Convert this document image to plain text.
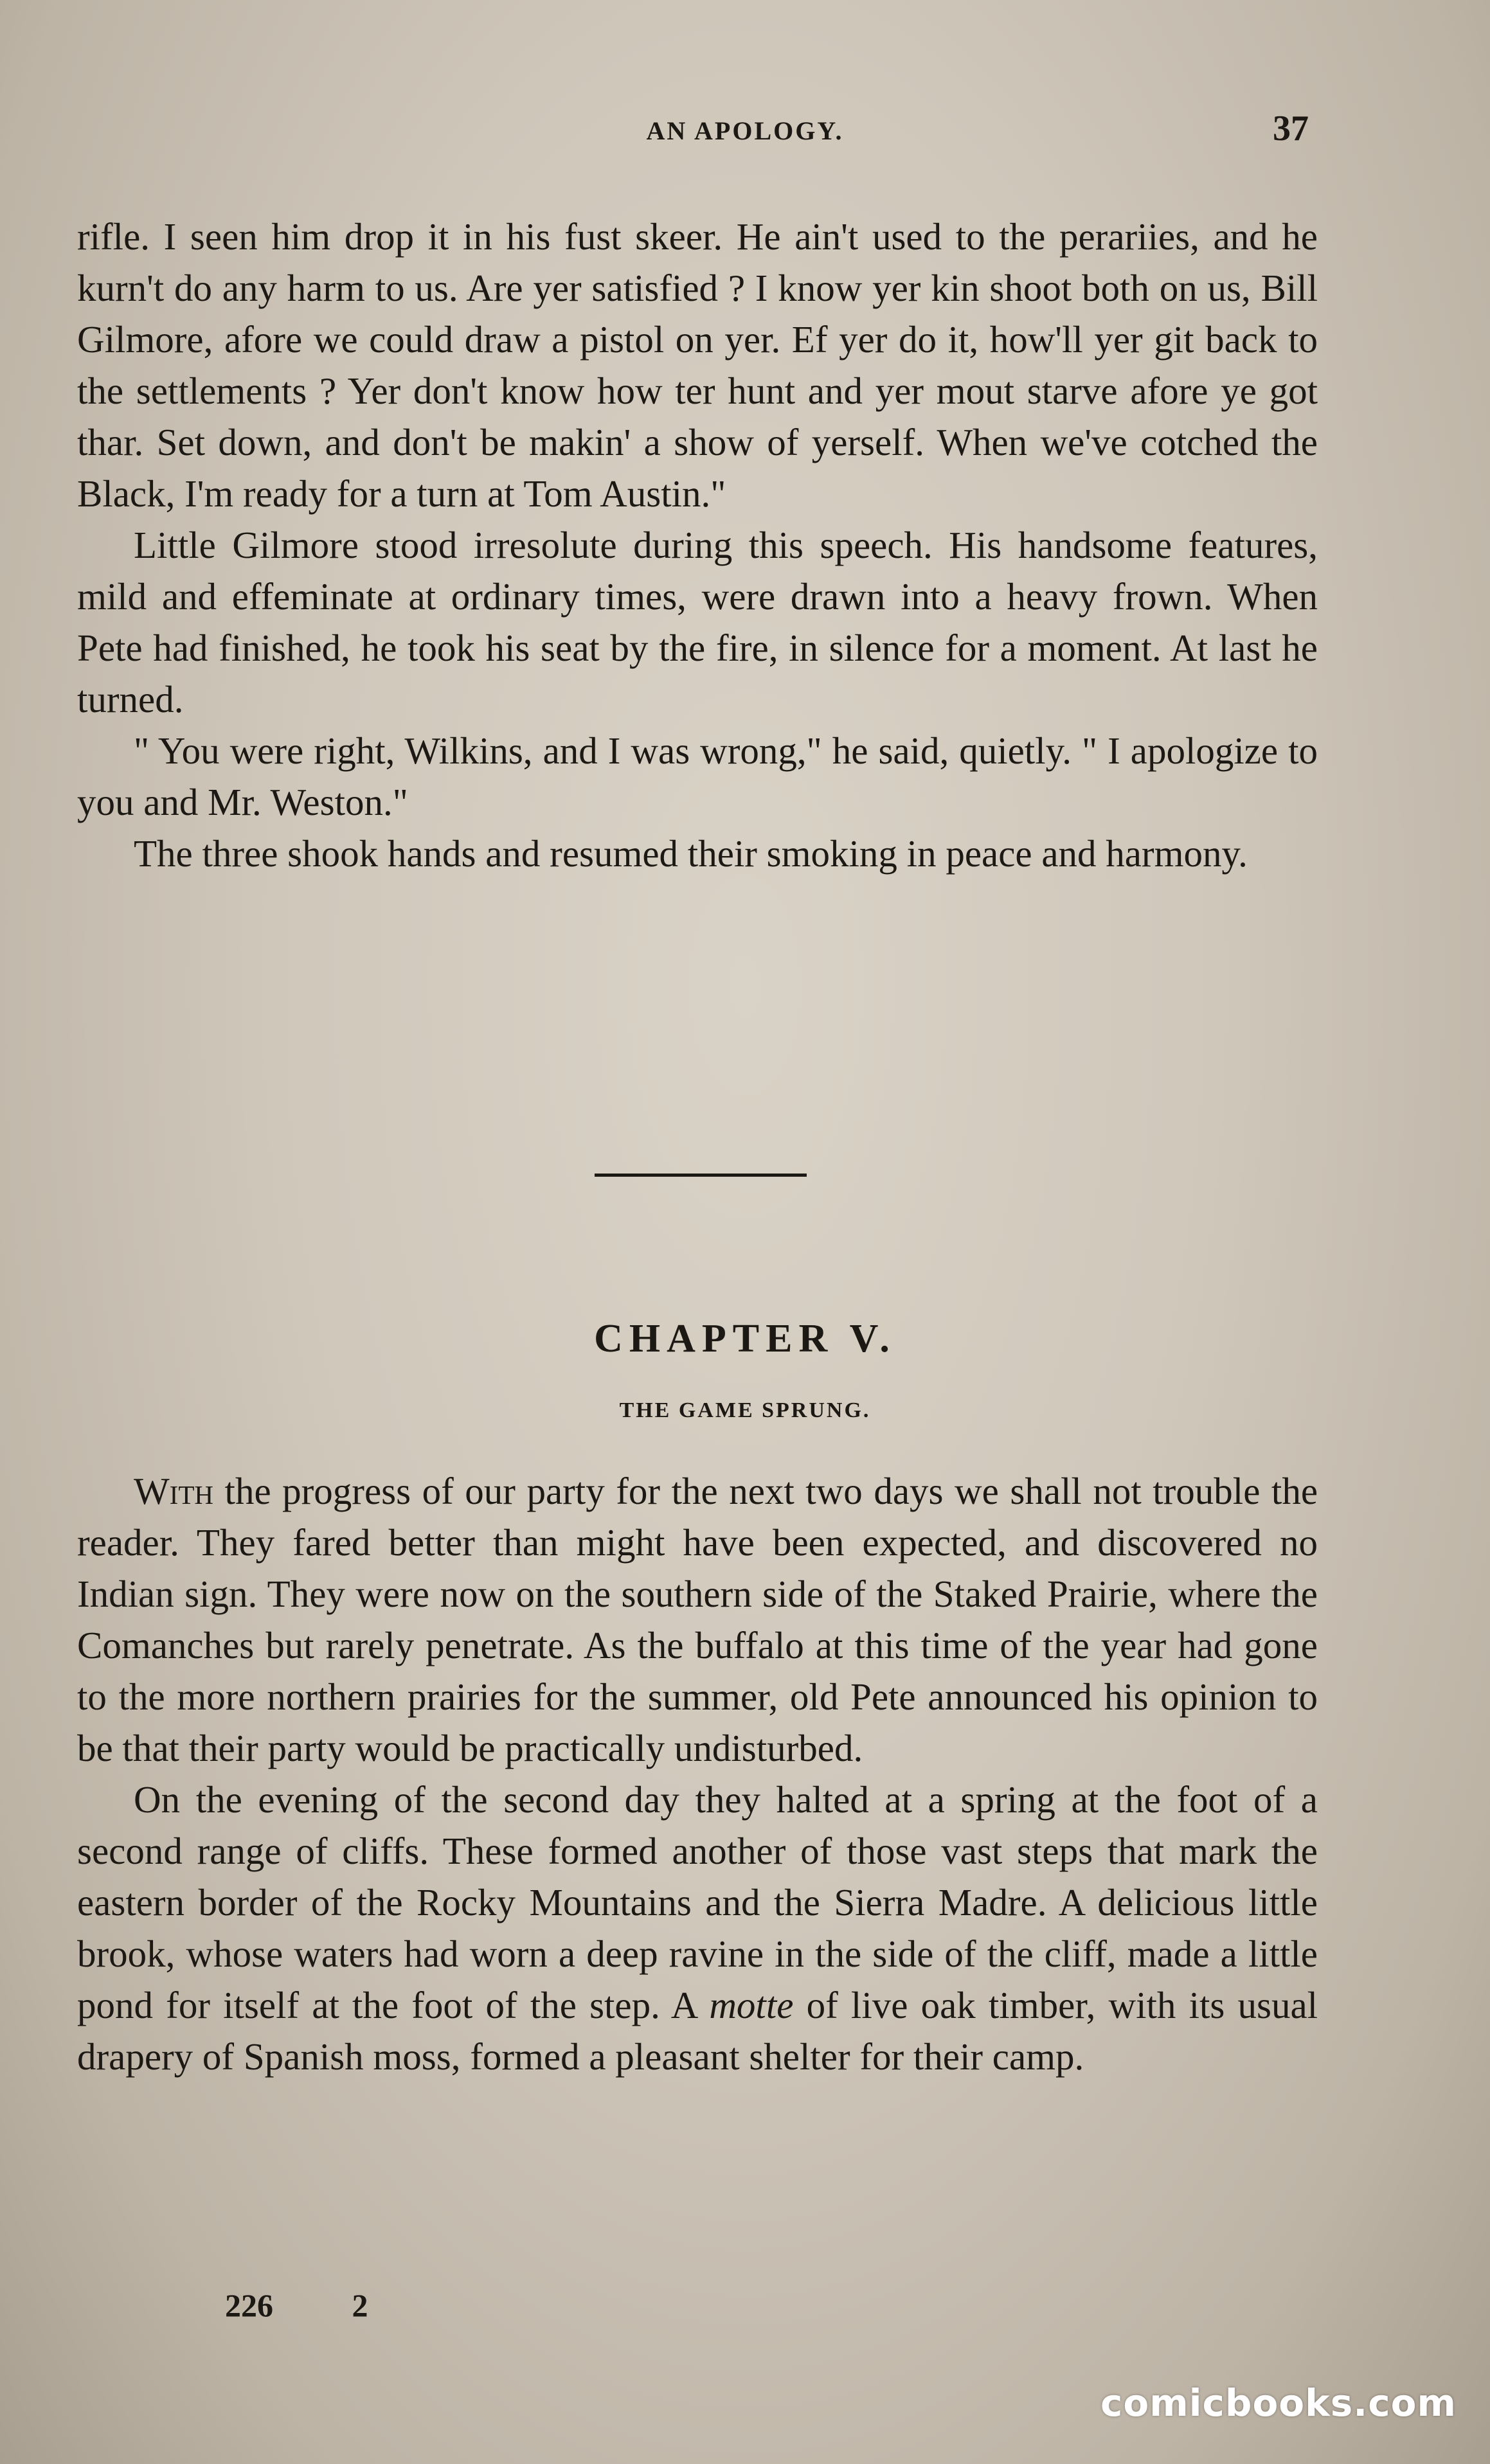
AN APOLOGY.	37

rifle. I seen him drop it in his fust skeer. He ain't used to the perariies, and he kurn't do any harm to us. Are yer satisfied ? I know yer kin shoot both on us, Bill Gilmore, afore we could draw a pistol on yer. Ef yer do it, how'll yer git back to the settlements ? Yer don't know how ter hunt and yer mout starve afore ye got thar. Set down, and don't be makin' a show of yerself. When we've cotched the Black, I'm ready for a turn at Tom Austin."

Little Gilmore stood irresolute during this speech. His handsome features, mild and effeminate at ordinary times, were drawn into a heavy frown. When Pete had finished, he took his seat by the fire, in silence for a moment. At last he turned.

" You were right, Wilkins, and I was wrong," he said, quietly. " I apologize to you and Mr. Weston."

The three shook hands and resumed their smoking in peace and harmony.

CHAPTER V.
THE GAME SPRUNG.

With the progress of our party for the next two days we shall not trouble the reader. They fared better than might have been expected, and discovered no Indian sign. They were now on the southern side of the Staked Prairie, where the Comanches but rarely penetrate. As the buffalo at this time of the year had gone to the more northern prairies for the summer, old Pete announced his opinion to be that their party would be practically undisturbed.

On the evening of the second day they halted at a spring at the foot of a second range of cliffs. These formed another of those vast steps that mark the eastern border of the Rocky Mountains and the Sierra Madre. A delicious little brook, whose waters had worn a deep ravine in the side of the cliff, made a little pond for itself at the foot of the step. A motte of live oak timber, with its usual drapery of Spanish moss, formed a pleasant shelter for their camp.

226 2
comicbooks.com
